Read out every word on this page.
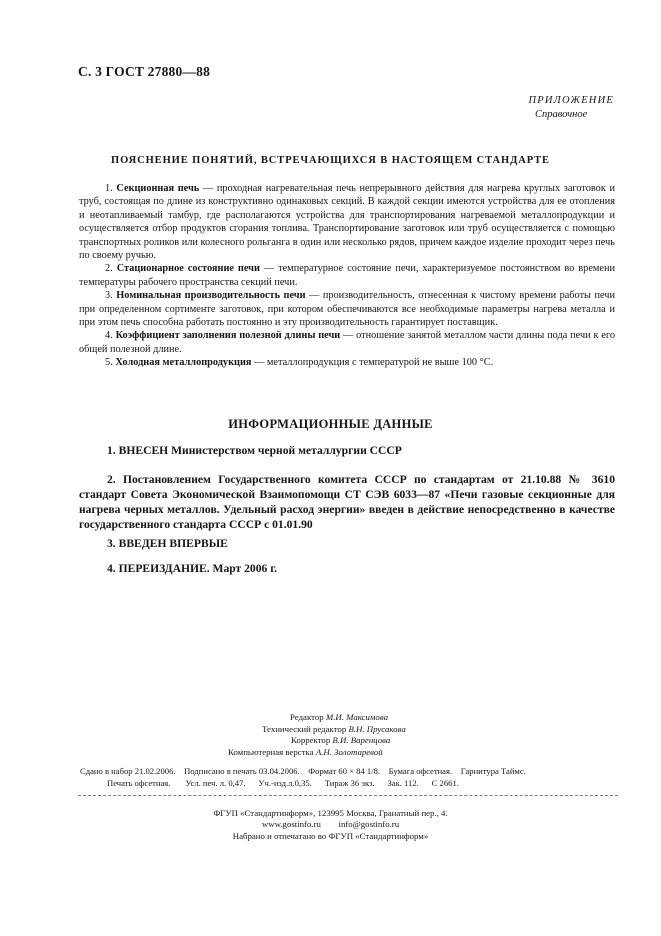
С. 3 ГОСТ 27880—88
ПРИЛОЖЕНИЕ
Справочное
ПОЯСНЕНИЕ ПОНЯТИЙ, ВСТРЕЧАЮЩИХСЯ В НАСТОЯЩЕМ СТАНДАРТЕ

1. Секционная печь — проходная нагревательная печь непрерывного действия для нагрева круглых заготовок и труб, состоящая по длине из конструктивно одинаковых секций. В каждой секции имеются устройства для ее отопления и неотапливаемый тамбур, где располагаются устройства для транспортирования нагреваемой металлопродукции и осуществляется отбор продуктов сгорания топлива. Транспортирование заготовок или труб осуществляется с помощью транспортных роликов или колесного рольганга в один или несколько рядов, причем каждое изделие проходит через печь по своему ручью.

2. Стационарное состояние печи — температурное состояние печи, характеризуемое постоянством во времени температуры рабочего пространства секций печи.

3. Номинальная производительность печи — производительность, отнесенная к чистому времени работы печи при определенном сортименте заготовок, при котором обеспечиваются все необходимые параметры нагрева металла и при этом печь способна работать постоянно и эту производительность гарантирует поставщик.

4. Коэффициент заполнения полезной длины печи — отношение занятой металлом части длины пода печи к его общей полезной длине.

5. Холодная металлопродукция — металлопродукция с температурой не выше 100 °С.

ИНФОРМАЦИОННЫЕ ДАННЫЕ

1. ВНЕСЕН Министерством черной металлургии СССР

2. Постановлением Государственного комитета СССР по стандартам от 21.10.88 № 3610 стандарт Совета Экономической Взаимопомощи СТ СЭВ 6033—87 «Печи газовые секционные для нагрева черных металлов. Удельный расход энергии» введен в действие непосредственно в качестве государственного стандарта СССР с 01.01.90

3. ВВЕДЕН ВПЕРВЫЕ

4. ПЕРЕИЗДАНИЕ. Март 2006 г.

Редактор М.И. Максимова
Технический редактор В.Н. Прусакова
Корректор В.И. Варенцова
Компьютерная верстка А.Н. Золотаревой
Сдано в набор 21.02.2006. Подписано в печать 03.04.2006. Формат 60 × 84 1/8. Бумага офсетная. Гарнитура Таймс.
Печать офсетная. Усл. печ. л. 0,47. Уч.-изд.л.0,35. Тираж 36 экз. Зак. 112. С 2661.
ФГУП «Стандартинформ», 123995 Москва, Гранатный пер., 4.
www.gostinfo.ru        info@gostinfo.ru
Набрано и отпечатано во ФГУП «Стандартинформ»
